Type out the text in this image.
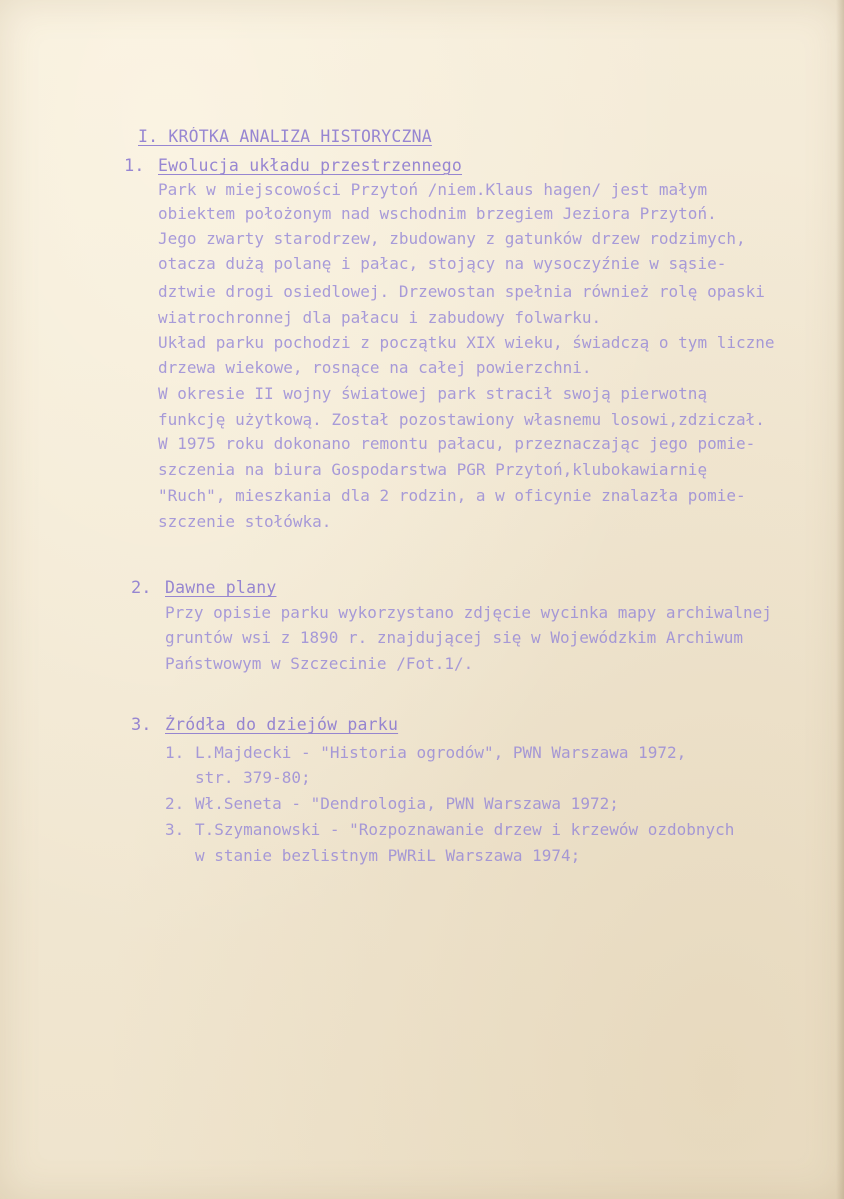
I. KRÓTKA ANALIZA HISTORYCZNA
1. Ewolucja układu przestrzennego
Park w miejscowości Przytoń /niem.Klaus hagen/ jest małym
obiektem położonym nad wschodnim brzegiem Jeziora Przytoń.
Jego zwarty starodrzew, zbudowany z gatunków drzew rodzimych,
otacza dużą polanę i pałac, stojący na wysoczyźnie w sąsie-
dztwie drogi osiedlowej. Drzewostan spełnia również rolę opaski
wiatrochronnej dla pałacu i zabudowy folwarku.
Układ parku pochodzi z początku XIX wieku, świadczą o tym liczne
drzewa wiekowe, rosnące na całej powierzchni.
W okresie II wojny światowej park stracił swoją pierwotną
funkcję użytkową. Został pozostawiony własnemu losowi,zdziczał.
W 1975 roku dokonano remontu pałacu, przeznaczając jego pomie-
szczenia na biura Gospodarstwa PGR Przytoń,klubokawiarnię
"Ruch", mieszkania dla 2 rodzin, a w oficynie znalazła pomie-
szczenie stołówka.
2. Dawne plany
Przy opisie parku wykorzystano zdjęcie wycinka mapy archiwalnej
gruntów wsi z 1890 r. znajdującej się w Wojewódzkim Archiwum
Państwowym w Szczecinie /Fot.1/.
3. Źródła do dziejów parku
1. L.Majdecki - "Historia ogrodów", PWN Warszawa 1972,
str. 379-80;
2. Wł.Seneta - "Dendrologia, PWN Warszawa 1972;
3. T.Szymanowski - "Rozpoznawanie drzew i krzewów ozdobnych
w stanie bezlistnym PWRiL Warszawa 1974;
